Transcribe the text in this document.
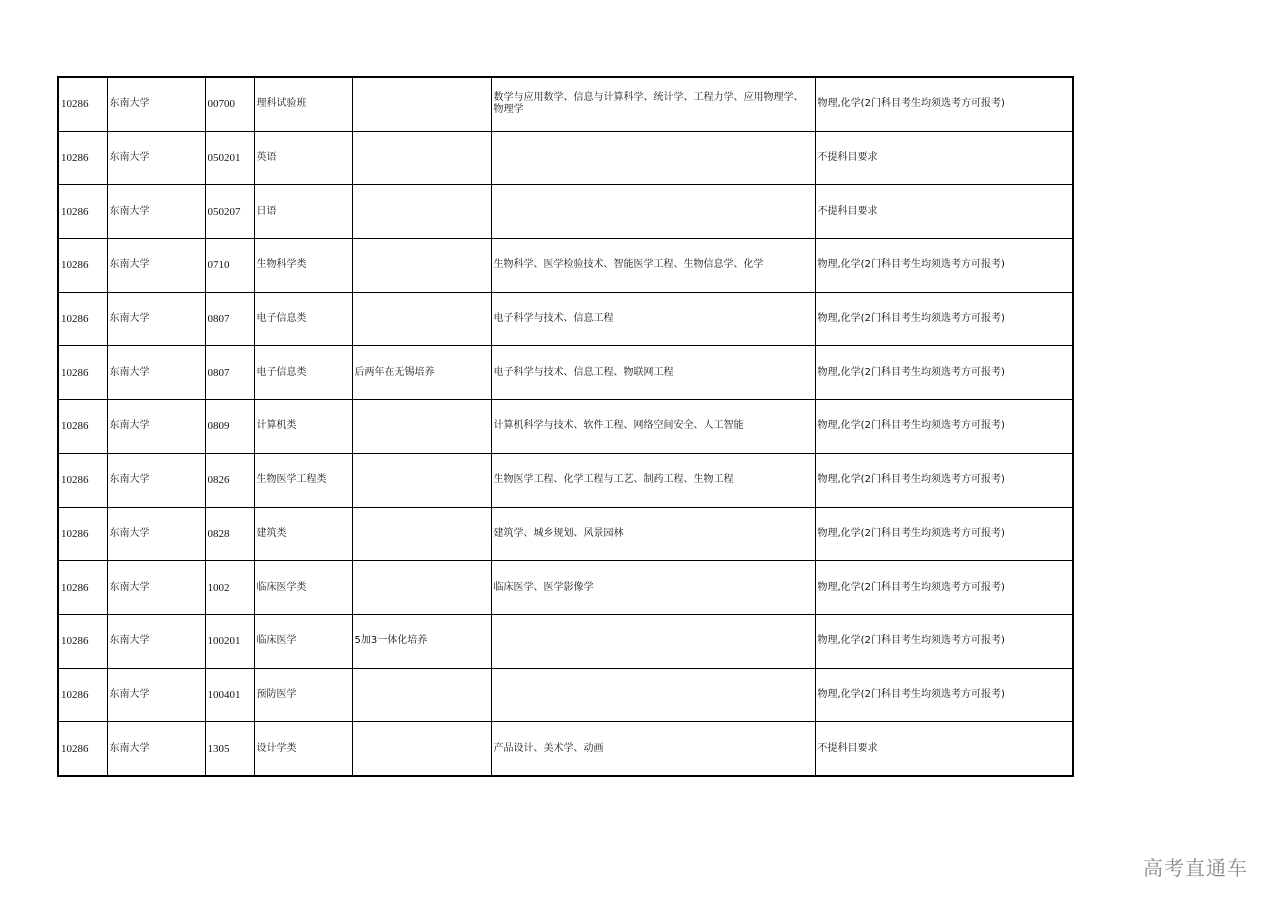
10286	东南大学	00700	理科试验班		数学与应用数学、信息与计算科学、统计学、工程力学、应用物理学、物理学	物理,化学(2门科目考生均须选考方可报考)
10286	东南大学	050201	英语			不提科目要求
10286	东南大学	050207	日语			不提科目要求
10286	东南大学	0710	生物科学类		生物科学、医学检验技术、智能医学工程、生物信息学、化学	物理,化学(2门科目考生均须选考方可报考)
10286	东南大学	0807	电子信息类		电子科学与技术、信息工程	物理,化学(2门科目考生均须选考方可报考)
10286	东南大学	0807	电子信息类	后两年在无锡培养	电子科学与技术、信息工程、物联网工程	物理,化学(2门科目考生均须选考方可报考)
10286	东南大学	0809	计算机类		计算机科学与技术、软件工程、网络空间安全、人工智能	物理,化学(2门科目考生均须选考方可报考)
10286	东南大学	0826	生物医学工程类		生物医学工程、化学工程与工艺、制药工程、生物工程	物理,化学(2门科目考生均须选考方可报考)
10286	东南大学	0828	建筑类		建筑学、城乡规划、风景园林	物理,化学(2门科目考生均须选考方可报考)
10286	东南大学	1002	临床医学类		临床医学、医学影像学	物理,化学(2门科目考生均须选考方可报考)
10286	东南大学	100201	临床医学	5加3一体化培养		物理,化学(2门科目考生均须选考方可报考)
10286	东南大学	100401	预防医学			物理,化学(2门科目考生均须选考方可报考)
10286	东南大学	1305	设计学类		产品设计、美术学、动画	不提科目要求
高考直通车
